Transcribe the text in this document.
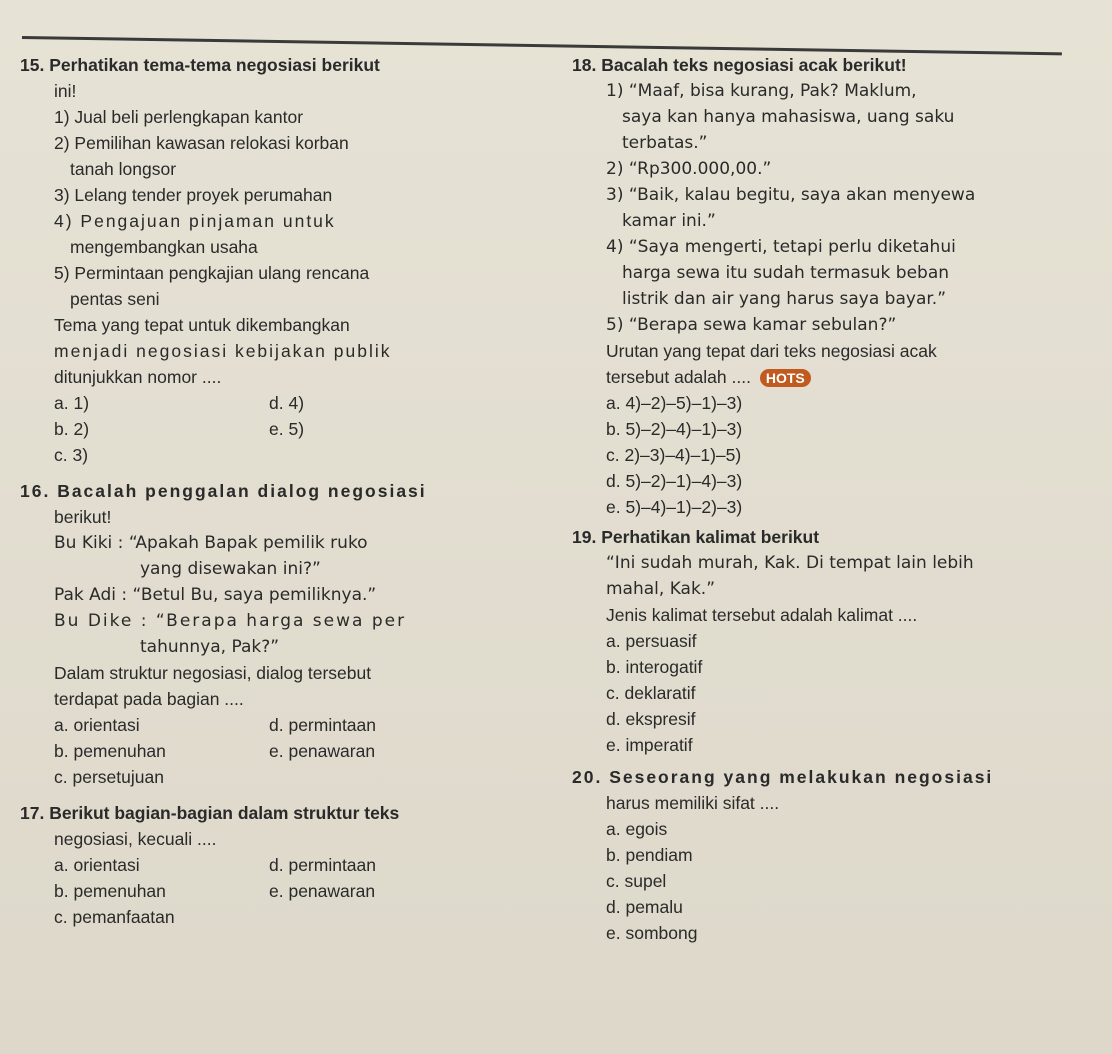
15. Perhatikan tema-tema negosiasi berikut
ini!
1) Jual beli perlengkapan kantor
2) Pemilihan kawasan relokasi korban
tanah longsor
3) Lelang tender proyek perumahan
4) Pengajuan pinjaman untuk
mengembangkan usaha
5) Permintaan pengkajian ulang rencana
pentas seni
Tema yang tepat untuk dikembangkan
menjadi negosiasi kebijakan publik
ditunjukkan nomor ....
a. 1)	d. 4)
b. 2)	e. 5)
c. 3)
16. Bacalah penggalan dialog negosiasi
berikut!
Bu Kiki : “Apakah Bapak pemilik ruko
yang disewakan ini?”
Pak Adi : “Betul Bu, saya pemiliknya.”
Bu Dike : “Berapa harga sewa per
tahunnya, Pak?”
Dalam struktur negosiasi, dialog tersebut
terdapat pada bagian ....
a. orientasi	d. permintaan
b. pemenuhan	e. penawaran
c. persetujuan
17. Berikut bagian-bagian dalam struktur teks
negosiasi, kecuali ....
a. orientasi	d. permintaan
b. pemenuhan	e. penawaran
c. pemanfaatan
18. Bacalah teks negosiasi acak berikut!
1) “Maaf, bisa kurang, Pak? Maklum,
saya kan hanya mahasiswa, uang saku
terbatas.”
2) “Rp300.000,00.”
3) “Baik, kalau begitu, saya akan menyewa
kamar ini.”
4) “Saya mengerti, tetapi perlu diketahui
harga sewa itu sudah termasuk beban
listrik dan air yang harus saya bayar.”
5) “Berapa sewa kamar sebulan?”
Urutan yang tepat dari teks negosiasi acak
tersebut adalah .... HOTS
a. 4)–2)–5)–1)–3)
b. 5)–2)–4)–1)–3)
c. 2)–3)–4)–1)–5)
d. 5)–2)–1)–4)–3)
e. 5)–4)–1)–2)–3)
19. Perhatikan kalimat berikut
“Ini sudah murah, Kak. Di tempat lain lebih
mahal, Kak.”
Jenis kalimat tersebut adalah kalimat ....
a. persuasif
b. interogatif
c. deklaratif
d. ekspresif
e. imperatif
20. Seseorang yang melakukan negosiasi
harus memiliki sifat ....
a. egois
b. pendiam
c. supel
d. pemalu
e. sombong
